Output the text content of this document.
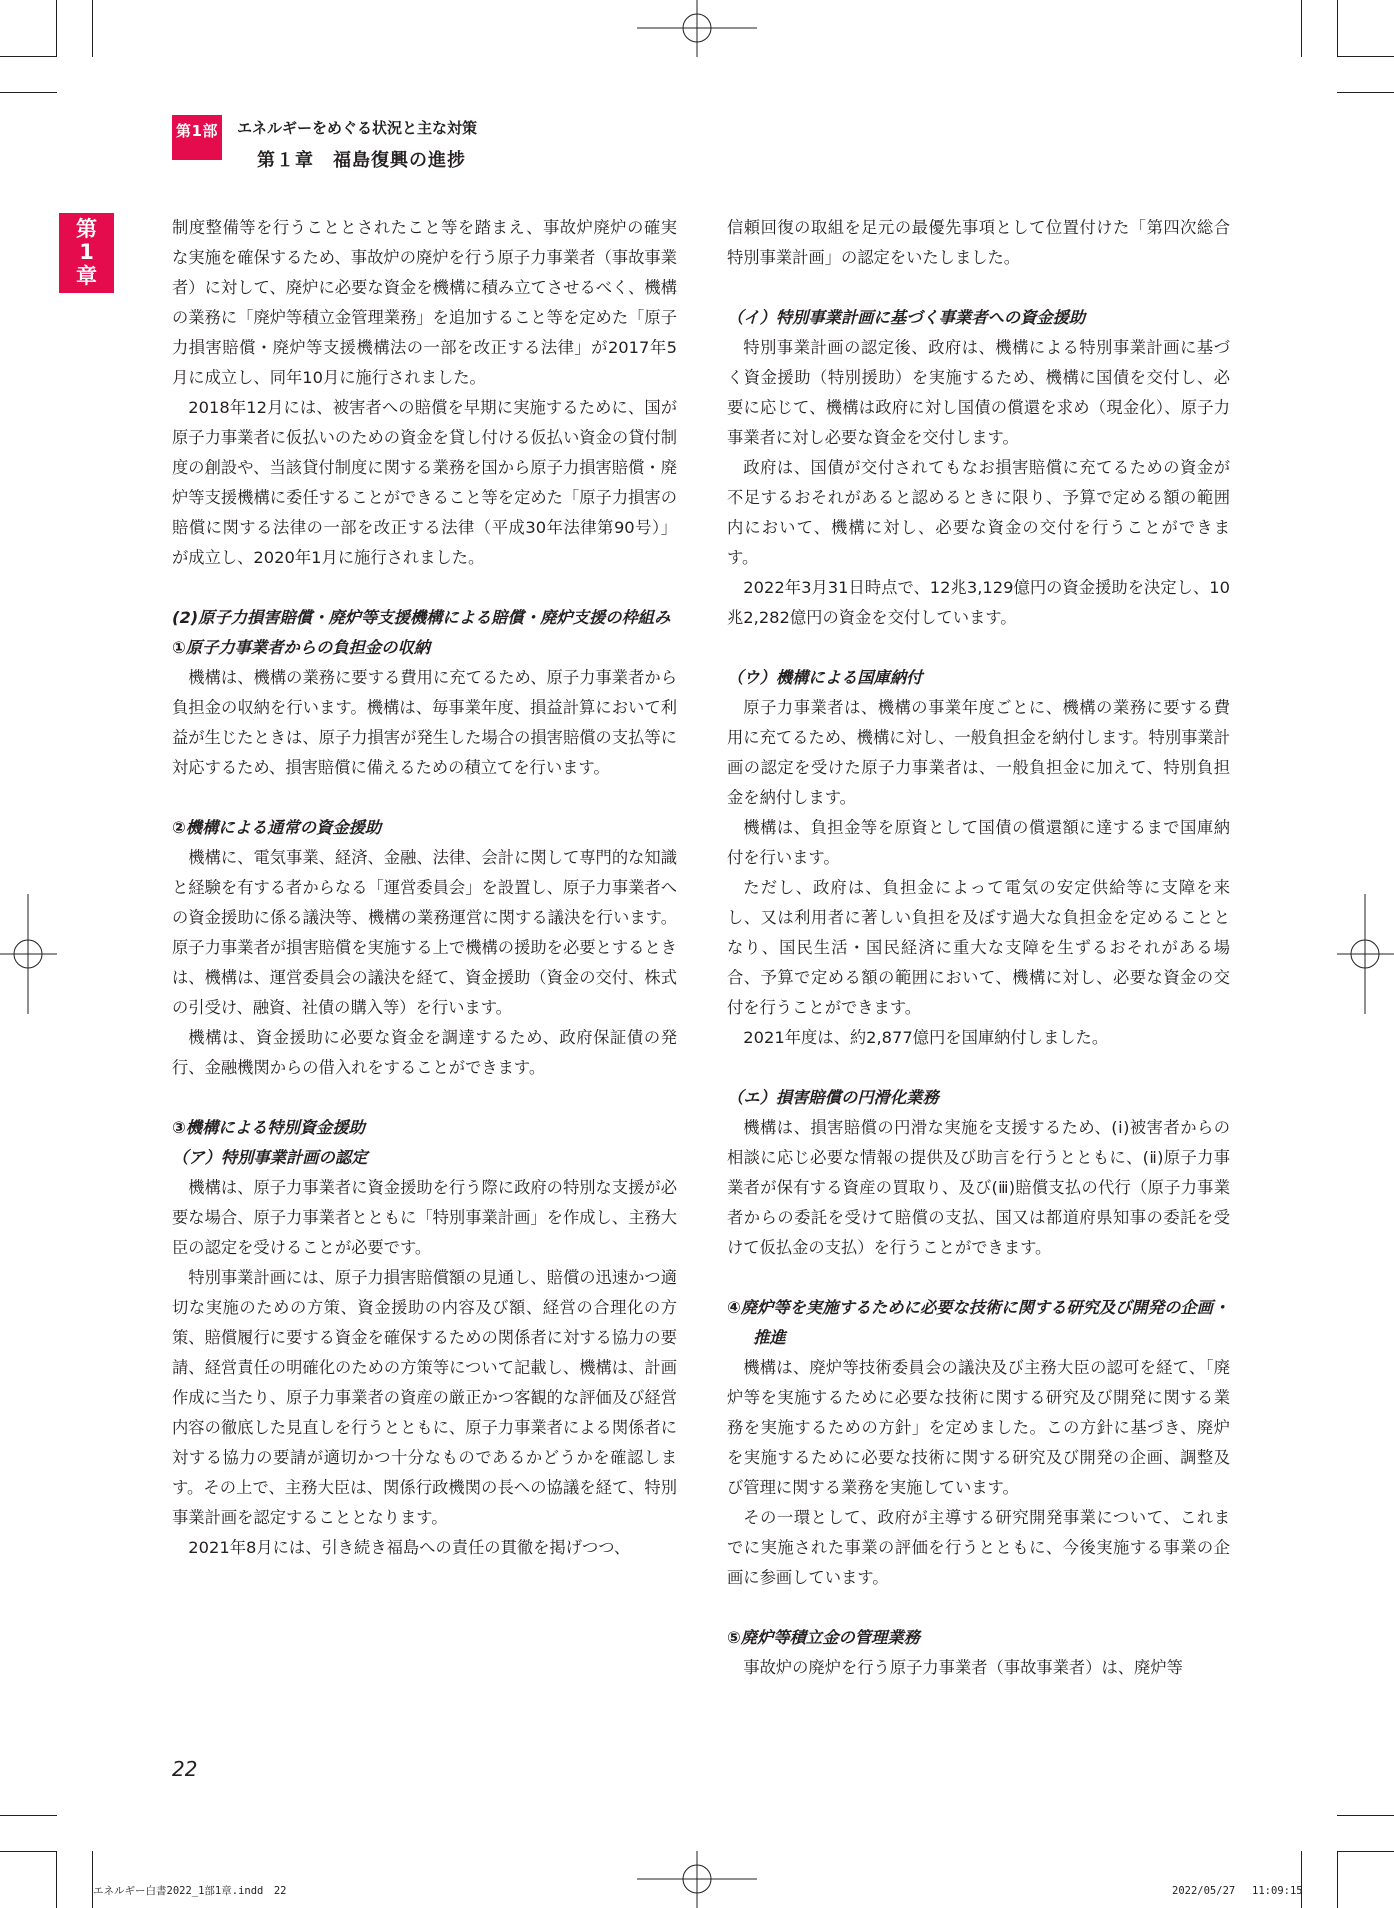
第1部 エネルギーをめぐる状況と主な対策
第１章　福島復興の進捗
第
1
章

制度整備等を行うこととされたこと等を踏まえ、事故炉廃炉の確実な実施を確保するため、事故炉の廃炉を行う原子力事業者（事故事業者）に対して、廃炉に必要な資金を機構に積み立てさせるべく、機構の業務に「廃炉等積立金管理業務」を追加すること等を定めた「原子力損害賠償・廃炉等支援機構法の一部を改正する法律」が2017年5月に成立し、同年10月に施行されました。

2018年12月には、被害者への賠償を早期に実施するために、国が原子力事業者に仮払いのための資金を貸し付ける仮払い資金の貸付制度の創設や、当該貸付制度に関する業務を国から原子力損害賠償・廃炉等支援機構に委任することができること等を定めた「原子力損害の賠償に関する法律の一部を改正する法律（平成30年法律第90号）」が成立し、2020年1月に施行されました。

(2)原子力損害賠償・廃炉等支援機構による賠償・廃炉支援の枠組み
①原子力事業者からの負担金の収納

機構は、機構の業務に要する費用に充てるため、原子力事業者から負担金の収納を行います。機構は、毎事業年度、損益計算において利益が生じたときは、原子力損害が発生した場合の損害賠償の支払等に対応するため、損害賠償に備えるための積立てを行います。

②機構による通常の資金援助

機構に、電気事業、経済、金融、法律、会計に関して専門的な知識と経験を有する者からなる「運営委員会」を設置し、原子力事業者への資金援助に係る議決等、機構の業務運営に関する議決を行います。原子力事業者が損害賠償を実施する上で機構の援助を必要とするときは、機構は、運営委員会の議決を経て、資金援助（資金の交付、株式の引受け、融資、社債の購入等）を行います。

機構は、資金援助に必要な資金を調達するため、政府保証債の発行、金融機関からの借入れをすることができます。

③機構による特別資金援助
（ア）特別事業計画の認定

機構は、原子力事業者に資金援助を行う際に政府の特別な支援が必要な場合、原子力事業者とともに「特別事業計画」を作成し、主務大臣の認定を受けることが必要です。

特別事業計画には、原子力損害賠償額の見通し、賠償の迅速かつ適切な実施のための方策、資金援助の内容及び額、経営の合理化の方策、賠償履行に要する資金を確保するための関係者に対する協力の要請、経営責任の明確化のための方策等について記載し、機構は、計画作成に当たり、原子力事業者の資産の厳正かつ客観的な評価及び経営内容の徹底した見直しを行うとともに、原子力事業者による関係者に対する協力の要請が適切かつ十分なものであるかどうかを確認します。その上で、主務大臣は、関係行政機関の長への協議を経て、特別事業計画を認定することとなります。

2021年8月には、引き続き福島への責任の貫徹を掲げつつ、

信頼回復の取組を足元の最優先事項として位置付けた「第四次総合特別事業計画」の認定をいたしました。

（イ）特別事業計画に基づく事業者への資金援助

特別事業計画の認定後、政府は、機構による特別事業計画に基づく資金援助（特別援助）を実施するため、機構に国債を交付し、必要に応じて、機構は政府に対し国債の償還を求め（現金化）、原子力事業者に対し必要な資金を交付します。

政府は、国債が交付されてもなお損害賠償に充てるための資金が不足するおそれがあると認めるときに限り、予算で定める額の範囲内において、機構に対し、必要な資金の交付を行うことができます。

2022年3月31日時点で、12兆3,129億円の資金援助を決定し、10兆2,282億円の資金を交付しています。

（ウ）機構による国庫納付

原子力事業者は、機構の事業年度ごとに、機構の業務に要する費用に充てるため、機構に対し、一般負担金を納付します。特別事業計画の認定を受けた原子力事業者は、一般負担金に加えて、特別負担金を納付します。

機構は、負担金等を原資として国債の償還額に達するまで国庫納付を行います。

ただし、政府は、負担金によって電気の安定供給等に支障を来し、又は利用者に著しい負担を及ぼす過大な負担金を定めることとなり、国民生活・国民経済に重大な支障を生ずるおそれがある場合、予算で定める額の範囲において、機構に対し、必要な資金の交付を行うことができます。

2021年度は、約2,877億円を国庫納付しました。

（エ）損害賠償の円滑化業務

機構は、損害賠償の円滑な実施を支援するため、(ⅰ)被害者からの相談に応じ必要な情報の提供及び助言を行うとともに、(ⅱ)原子力事業者が保有する資産の買取り、及び(ⅲ)賠償支払の代行（原子力事業者からの委託を受けて賠償の支払、国又は都道府県知事の委託を受けて仮払金の支払）を行うことができます。

④廃炉等を実施するために必要な技術に関する研究及び開発の企画・推進

機構は、廃炉等技術委員会の議決及び主務大臣の認可を経て、「廃炉等を実施するために必要な技術に関する研究及び開発に関する業務を実施するための方針」を定めました。この方針に基づき、廃炉を実施するために必要な技術に関する研究及び開発の企画、調整及び管理に関する業務を実施しています。

その一環として、政府が主導する研究開発事業について、これまでに実施された事業の評価を行うとともに、今後実施する事業の企画に参画しています。

⑤廃炉等積立金の管理業務

事故炉の廃炉を行う原子力事業者（事故事業者）は、廃炉等

22
エネルギー白書2022_1部1章.indd　22	2022/05/27　 11:09:15
